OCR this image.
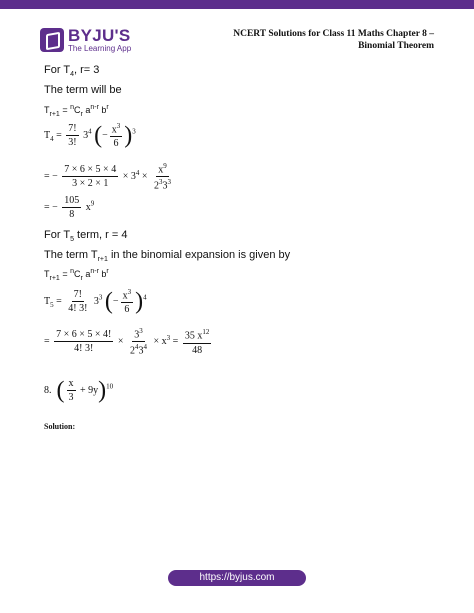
BYJU'S
The Learning App
NCERT Solutions for Class 11 Maths Chapter 8 –
Binomial Theorem
For $T_4$, r= 3
The term will be
$T_{r+1} = ^nC_r$ $a^{n-r}$ $b^r$
$T_4 = \frac{7!}{3!} 3^4$ (− $\frac{x^3}{6} )^3$
= − $\frac{7 \times 6 \times 5 \times 4}{3 \times 2 \times 1} \times 3^4 \times \frac{x^9}{2^33^3}$
= − $\frac{105}{8} x^9$
For $T_5$ term, r = 4
The term $T_{r+1}$ in the binomial expansion is given by
$T_{r+1} = ^nC_r$ $a^{n-r}$ $b^r$
$T_5 = \frac{7!}{4! 3!} 3^3$ (− $\frac{x^3}{6} )^4$
= $\frac{7 \times 6 \times 5 \times 4!}{4! 3!} \times \frac{3^3}{2^43^4} \times x^3 = \frac{35 x^{12}}{48}$
8. ( $\frac{x}{3} + 9y)^{10}$
Solution:
https://byjus.com
